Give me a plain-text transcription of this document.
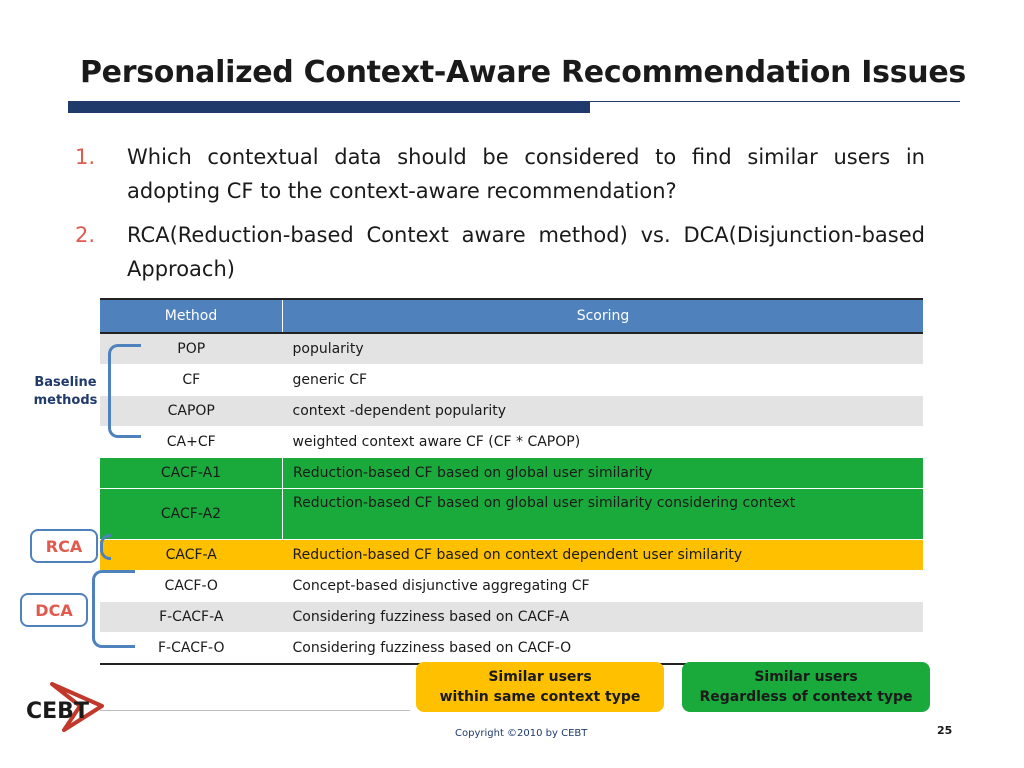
Personalized Context-Aware Recommendation Issues
1.	Which contextual data should be considered to find similar users in adopting CF to the context-aware recommendation?
2.	RCA(Reduction-based Context aware method) vs. DCA(Disjunction-based Approach)
Method	Scoring
POP	popularity
CF	generic CF
CAPOP	context -dependent popularity
CA+CF	weighted context aware CF (CF * CAPOP)
CACF-A1	Reduction-based CF based on global user similarity
CACF-A2	Reduction-based CF based on global user similarity considering context
CACF-A	Reduction-based CF based on context dependent user similarity
CACF-O	Concept-based disjunctive aggregating CF
F-CACF-A	Considering fuzziness based on CACF-A
F-CACF-O	Considering fuzziness based on CACF-O
Baseline
methods
RCA
DCA
Similar users
within same context type
Similar users
Regardless of context type
CEBT
Copyright ©2010 by CEBT	25
